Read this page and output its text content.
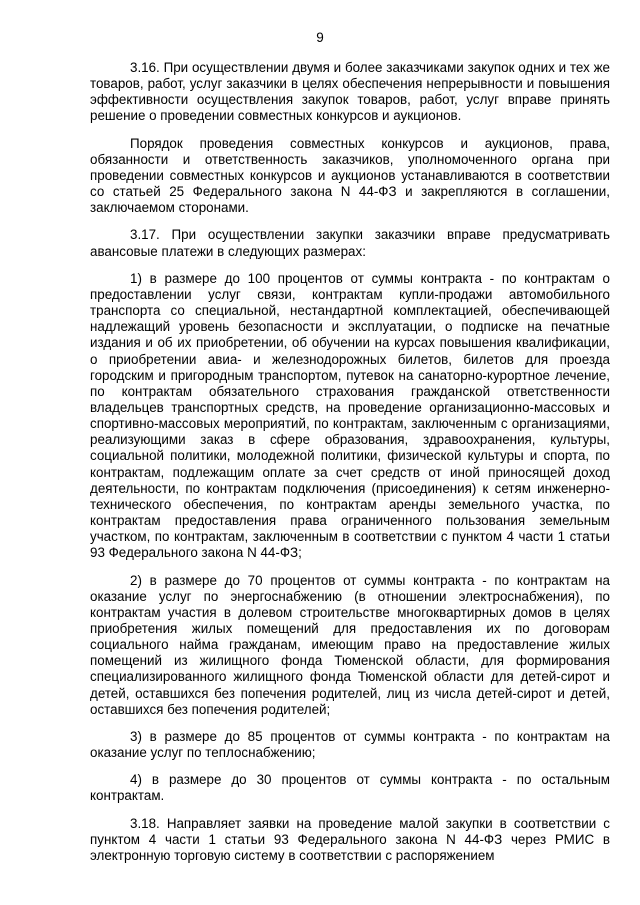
9

3.16. При осуществлении двумя и более заказчиками закупок одних и тех же товаров, работ, услуг заказчики в целях обеспечения непрерывности и повышения эффективности осуществления закупок товаров, работ, услуг вправе принять решение о проведении совместных конкурсов и аукционов.

Порядок проведения совместных конкурсов и аукционов, права, обязанности и ответственность заказчиков, уполномоченного органа при проведении совместных конкурсов и аукционов устанавливаются в соответствии со статьей 25 Федерального закона N 44-ФЗ и закрепляются в соглашении, заключаемом сторонами.

3.17. При осуществлении закупки заказчики вправе предусматривать авансовые платежи в следующих размерах:

1) в размере до 100 процентов от суммы контракта - по контрактам о предоставлении услуг связи, контрактам купли-продажи автомобильного транспорта со специальной, нестандартной комплектацией, обеспечивающей надлежащий уровень безопасности и эксплуатации, о подписке на печатные издания и об их приобретении, об обучении на курсах повышения квалификации, о приобретении авиа- и железнодорожных билетов, билетов для проезда городским и пригородным транспортом, путевок на санаторно-курортное лечение, по контрактам обязательного страхования гражданской ответственности владельцев транспортных средств, на проведение организационно-массовых и спортивно-массовых мероприятий, по контрактам, заключенным с организациями, реализующими заказ в сфере образования, здравоохранения, культуры, социальной политики, молодежной политики, физической культуры и спорта, по контрактам, подлежащим оплате за счет средств от иной приносящей доход деятельности, по контрактам подключения (присоединения) к сетям инженерно-технического обеспечения, по контрактам аренды земельного участка, по контрактам предоставления права ограниченного пользования земельным участком, по контрактам, заключенным в соответствии с пунктом 4 части 1 статьи 93 Федерального закона N 44-ФЗ;

2) в размере до 70 процентов от суммы контракта - по контрактам на оказание услуг по энергоснабжению (в отношении электроснабжения), по контрактам участия в долевом строительстве многоквартирных домов в целях приобретения жилых помещений для предоставления их по договорам социального найма гражданам, имеющим право на предоставление жилых помещений из жилищного фонда Тюменской области, для формирования специализированного жилищного фонда Тюменской области для детей-сирот и детей, оставшихся без попечения родителей, лиц из числа детей-сирот и детей, оставшихся без попечения родителей;

3) в размере до 85 процентов от суммы контракта - по контрактам на оказание услуг по теплоснабжению;

4) в размере до 30 процентов от суммы контракта - по остальным контрактам.

3.18. Направляет заявки на проведение малой закупки в соответствии с пунктом 4 части 1 статьи 93 Федерального закона N 44-ФЗ через РМИС в электронную торговую систему в соответствии с распоряжением
